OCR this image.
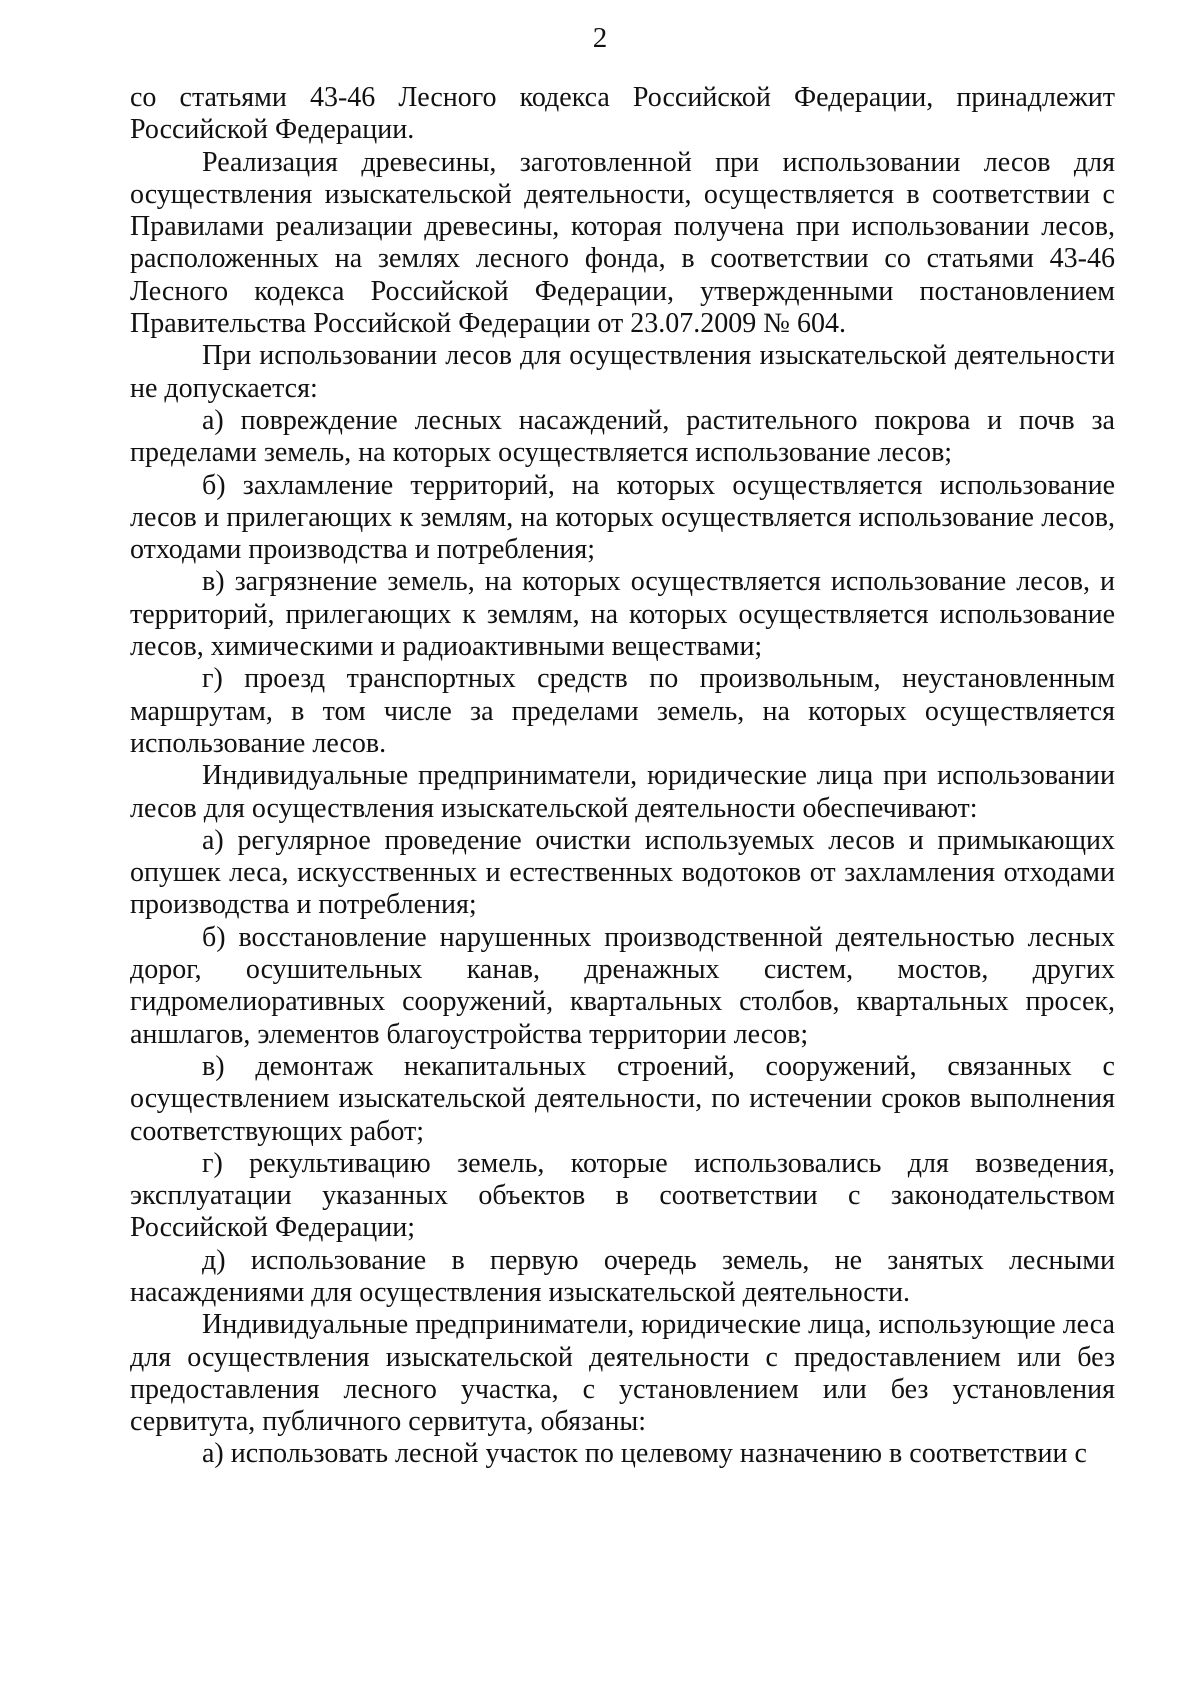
2

со статьями 43-46 Лесного кодекса Российской Федерации, принадлежит Российской Федерации.

Реализация древесины, заготовленной при использовании лесов для осуществления изыскательской деятельности, осуществляется в соответствии с Правилами реализации древесины, которая получена при использовании лесов, расположенных на землях лесного фонда, в соответствии со статьями 43-46 Лесного кодекса Российской Федерации, утвержденными постановлением Правительства Российской Федерации от 23.07.2009 № 604.

При использовании лесов для осуществления изыскательской деятельности не допускается:

а) повреждение лесных насаждений, растительного покрова и почв за пределами земель, на которых осуществляется использование лесов;

б) захламление территорий, на которых осуществляется использование лесов и прилегающих к землям, на которых осуществляется использование лесов, отходами производства и потребления;

в) загрязнение земель, на которых осуществляется использование лесов, и территорий, прилегающих к землям, на которых осуществляется использование лесов, химическими и радиоактивными веществами;

г) проезд транспортных средств по произвольным, неустановленным маршрутам, в том числе за пределами земель, на которых осуществляется использование лесов.

Индивидуальные предприниматели, юридические лица при использовании лесов для осуществления изыскательской деятельности обеспечивают:

а) регулярное проведение очистки используемых лесов и примыкающих опушек леса, искусственных и естественных водотоков от захламления отходами производства и потребления;

б) восстановление нарушенных производственной деятельностью лесных дорог, осушительных канав, дренажных систем, мостов, других гидромелиоративных сооружений, квартальных столбов, квартальных просек, аншлагов, элементов благоустройства территории лесов;

в) демонтаж некапитальных строений, сооружений, связанных с осуществлением изыскательской деятельности, по истечении сроков выполнения соответствующих работ;

г) рекультивацию земель, которые использовались для возведения, эксплуатации указанных объектов в соответствии с законодательством Российской Федерации;

д) использование в первую очередь земель, не занятых лесными насаждениями для осуществления изыскательской деятельности.

Индивидуальные предприниматели, юридические лица, использующие леса для осуществления изыскательской деятельности с предоставлением или без предоставления лесного участка, с установлением или без установления сервитута, публичного сервитута, обязаны:

а) использовать лесной участок по целевому назначению в соответствии с
